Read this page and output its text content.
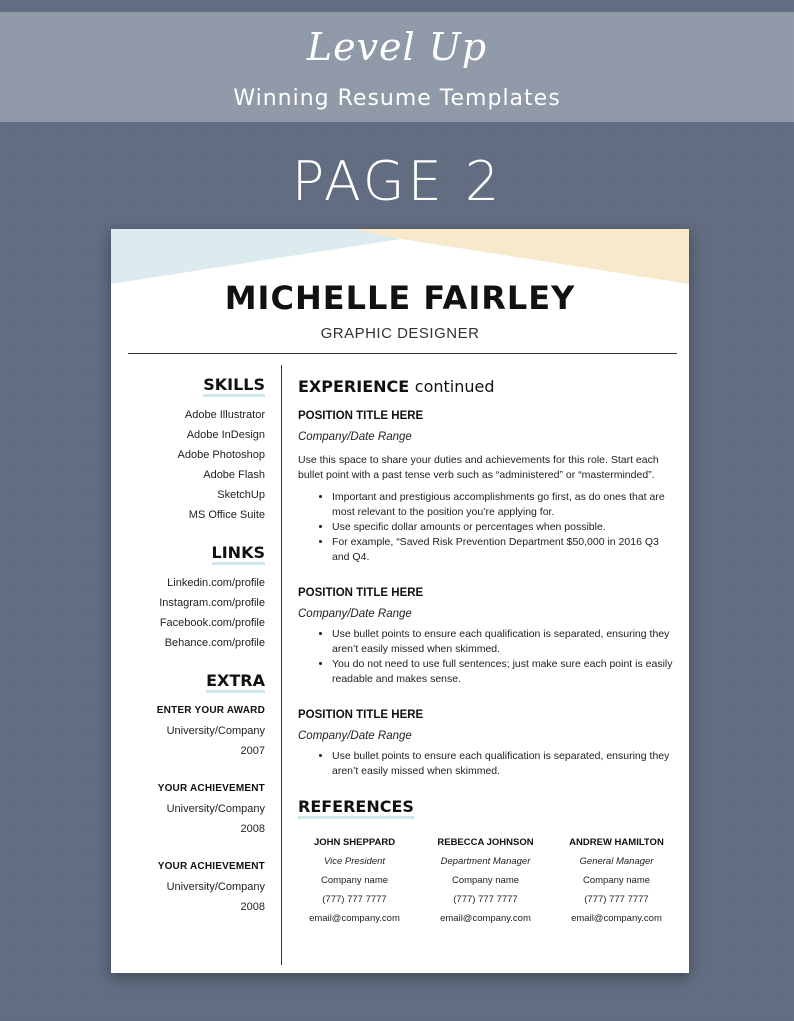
Level Up
Winning Resume Templates
PAGE 2
MICHELLE FAIRLEY
GRAPHIC DESIGNER
SKILLS
Adobe Illustrator
Adobe InDesign
Adobe Photoshop
Adobe Flash
SketchUp
MS Office Suite
LINKS
Linkedin.com/profile
Instagram.com/profile
Facebook.com/profile
Behance.com/profile
EXTRA
ENTER YOUR AWARD
University/Company
2007
YOUR ACHIEVEMENT
University/Company
2008
YOUR ACHIEVEMENT
University/Company
2008
EXPERIENCE continued
POSITION TITLE HERE
Company/Date Range
Use this space to share your duties and achievements for this role. Start each bullet point with a past tense verb such as “administered” or “masterminded”.
• Important and prestigious accomplishments go first, as do ones that are most relevant to the position you’re applying for.
• Use specific dollar amounts or percentages when possible.
• For example, “Saved Risk Prevention Department $50,000 in 2016 Q3 and Q4.
POSITION TITLE HERE
Company/Date Range
• Use bullet points to ensure each qualification is separated, ensuring they aren’t easily missed when skimmed.
• You do not need to use full sentences; just make sure each point is easily readable and makes sense.
POSITION TITLE HERE
Company/Date Range
• Use bullet points to ensure each qualification is separated, ensuring they aren’t easily missed when skimmed.
REFERENCES
JOHN SHEPPARD
Vice President
Company name
(777) 777 7777
email@company.com
REBECCA JOHNSON
Department Manager
Company name
(777) 777 7777
email@company.com
ANDREW HAMILTON
General Manager
Company name
(777) 777 7777
email@company.com
